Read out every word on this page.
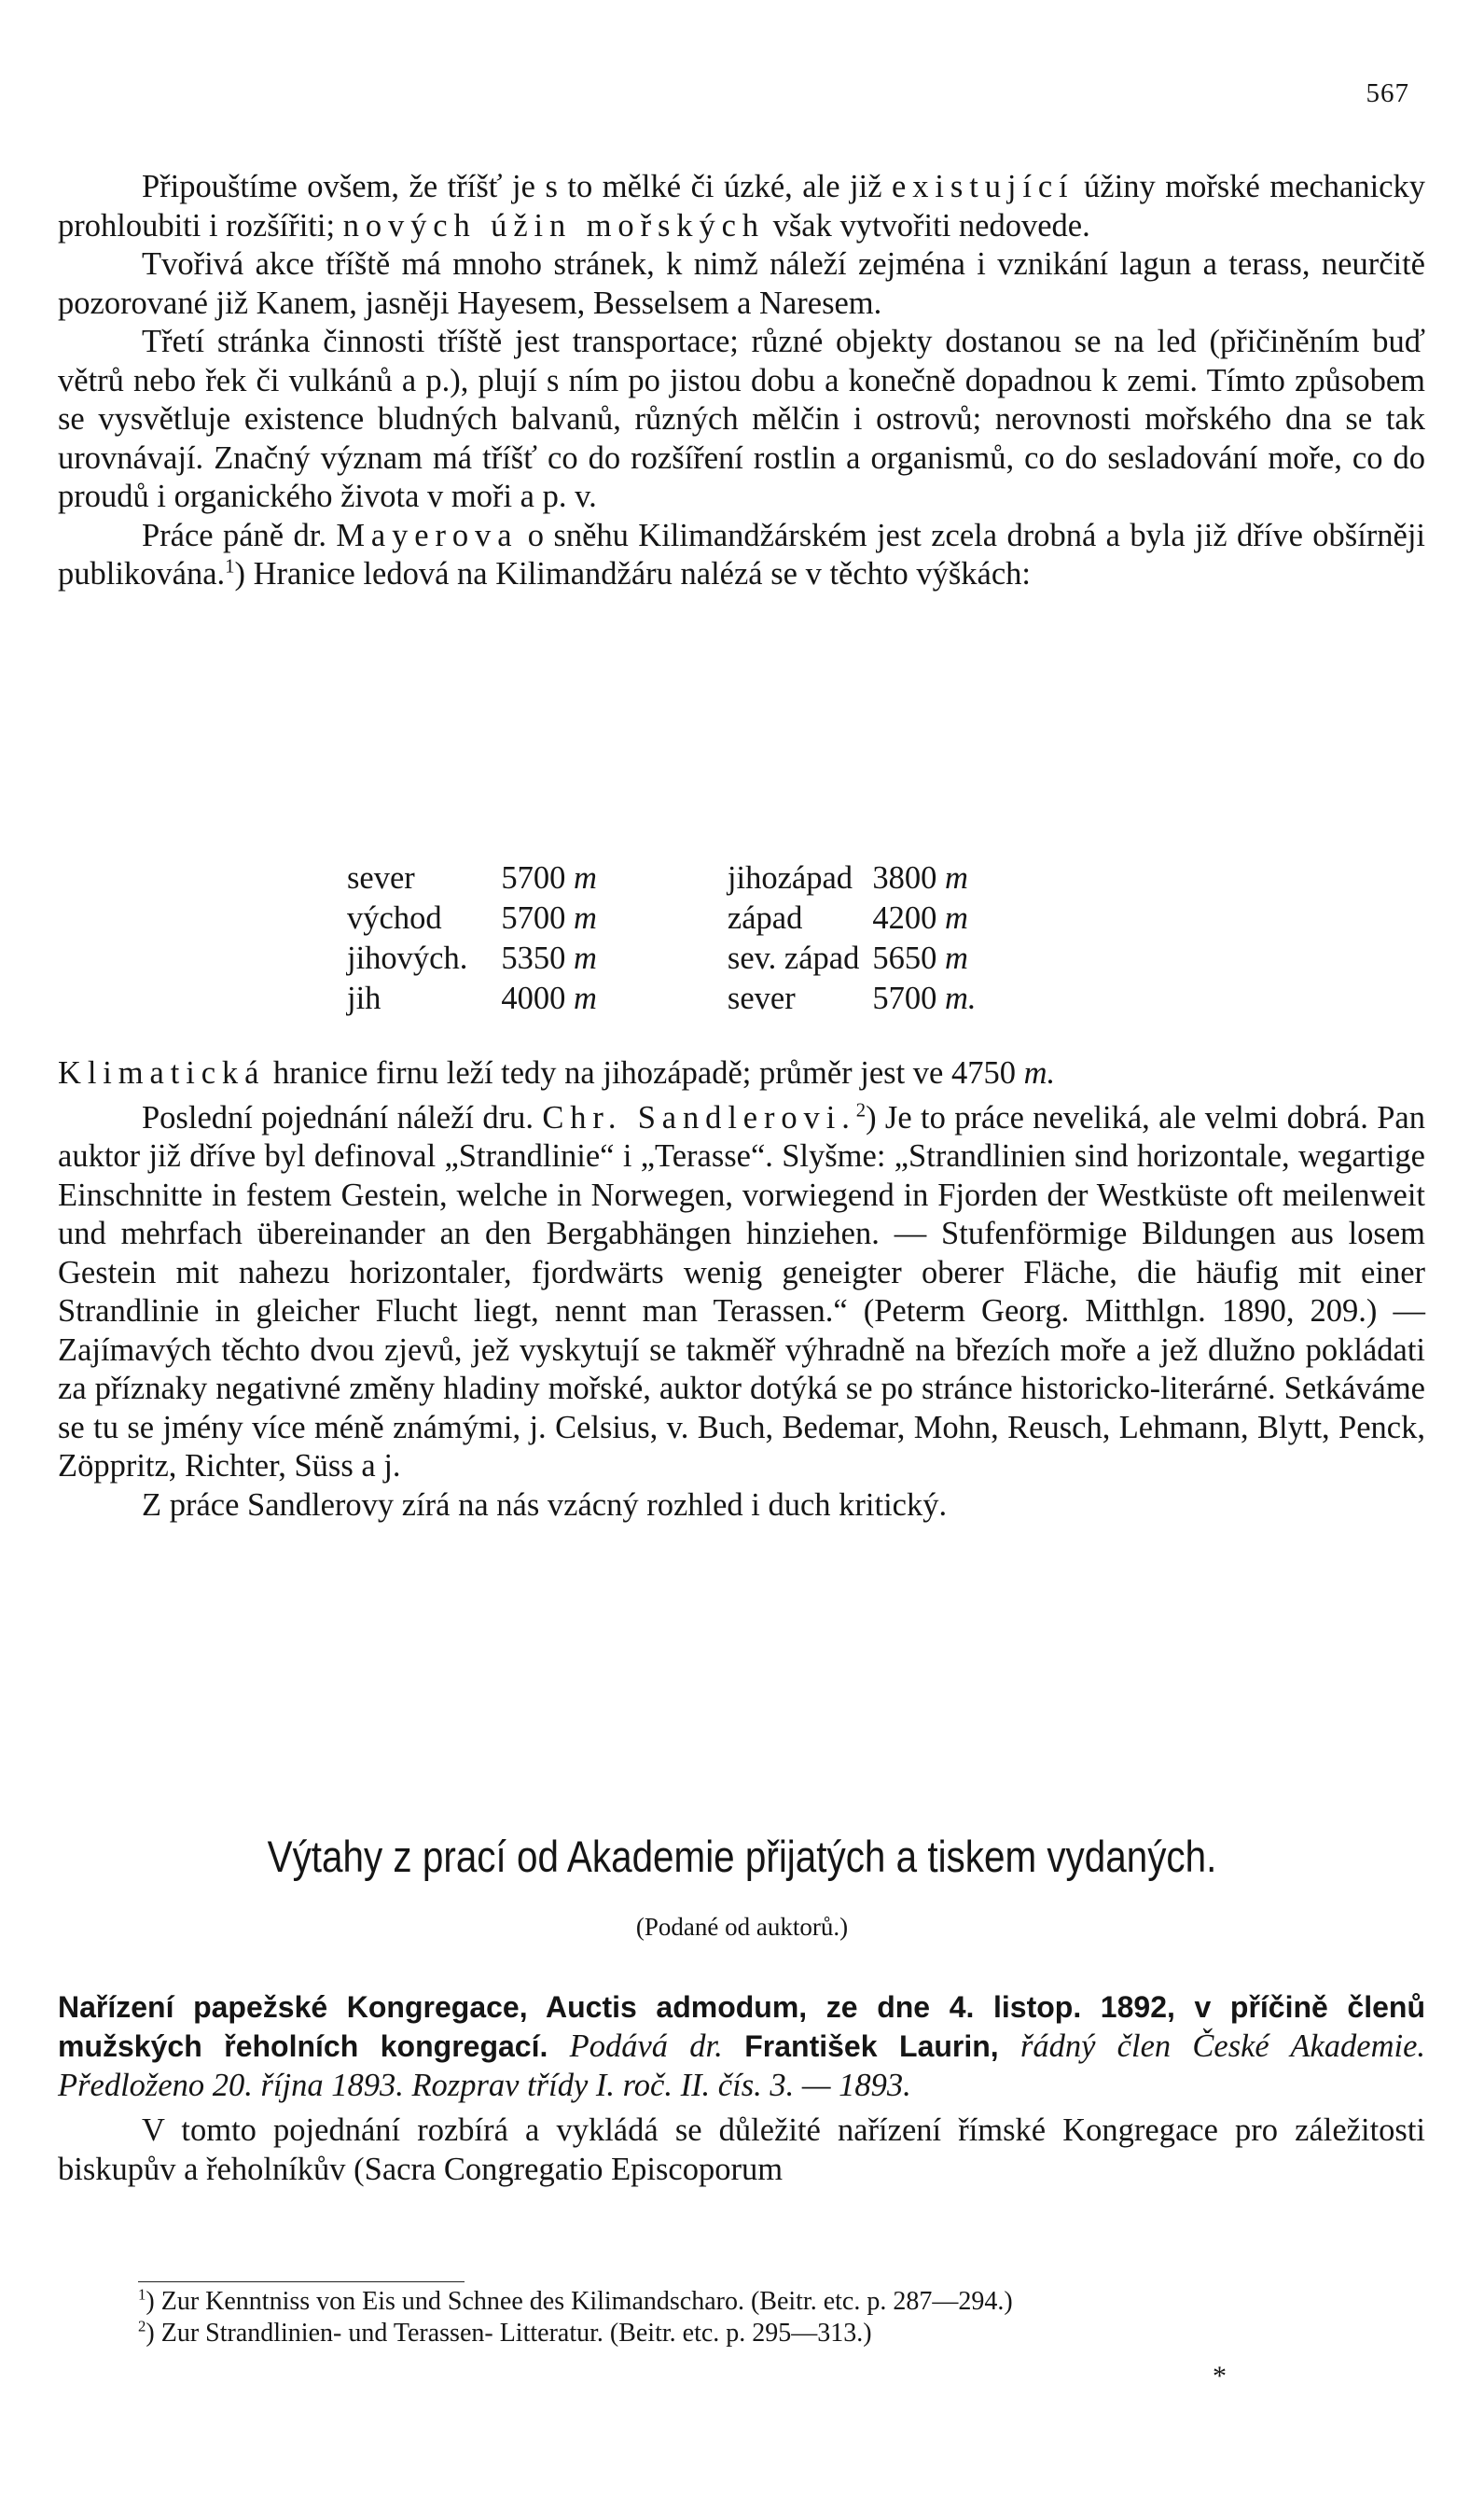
567

Připouštíme ovšem, že tříšť je s to mělké či úzké, ale již existující úžiny mořské mechanicky prohloubiti i rozšířiti; nových úžin mořských však vytvořiti nedovede.

Tvořivá akce tříště má mnoho stránek, k nimž náleží zejména i vznikání lagun a terass, neurčitě pozorované již Kanem, jasněji Hayesem, Besselsem a Naresem.

Třetí stránka činnosti tříště jest transportace; různé objekty dostanou se na led (přičiněním buď větrů nebo řek či vulkánů a p.), plují s ním po jistou dobu a konečně dopadnou k zemi. Tímto způsobem se vysvětluje existence bludných balvanů, různých mělčin i ostrovů; nerovnosti mořského dna se tak urovnávají. Značný význam má tříšť co do rozšíření rostlin a organismů, co do sesladování moře, co do proudů i organického života v moři a p. v.

Práce páně dr. Mayerova o sněhu Kilimandžárském jest zcela drobná a byla již dříve obšírněji publikována.$^1$) Hranice ledová na Kilimandžáru nalézá se v těchto výškách:

sever	5700 m	jihozápad	3800 m
východ	5700 m	západ	4200 m
jihových.	5350 m	sev. západ	5650 m
jih	4000 m	sever	5700 m.

Klimatická hranice firnu leží tedy na jihozápadě; průměr jest ve 4750 m.

Poslední pojednání náleží dru. Chr. Sandlerovi.$^2$) Je to práce neveliká, ale velmi dobrá. Pan auktor již dříve byl definoval „Strandlinie“ i „Terasse“. Slyšme: „Strandlinien sind horizontale, wegartige Einschnitte in festem Gestein, welche in Norwegen, vorwiegend in Fjorden der Westküste oft meilenweit und mehrfach übereinander an den Bergabhängen hinziehen. — Stufenförmige Bildungen aus losem Gestein mit nahezu horizontaler, fjordwärts wenig geneigter oberer Fläche, die häufig mit einer Strandlinie in gleicher Flucht liegt, nennt man Terassen.“ (Peterm Georg. Mitthlgn. 1890, 209.) — Zajímavých těchto dvou zjevů, jež vyskytují se takměř výhradně na březích moře a jež dlužno pokládati za příznaky negativné změny hladiny mořské, auktor dotýká se po stránce historicko-literárné. Setkáváme se tu se jmény více méně známými, j. Celsius, v. Buch, Bedemar, Mohn, Reusch, Lehmann, Blytt, Penck, Zöppritz, Richter, Süss a j.

Z práce Sandlerovy zírá na nás vzácný rozhled i duch kritický.

Výtahy z prací od Akademie přijatých a tiskem vydaných.
(Podané od auktorů.)

Nařízení papežské Kongregace, Auctis admodum, ze dne 4. listop. 1892, v příčině členů mužských řeholních kongregací. Podává dr. František Laurin, řádný člen České Akademie. Předloženo 20. října 1893. Rozprav třídy I. roč. II. čís. 3. — 1893.

V tomto pojednání rozbírá a vykládá se důležité nařízení římské Kongregace pro záležitosti biskupův a řeholníkův (Sacra Congregatio Episcoporum

$^1$) Zur Kenntniss von Eis und Schnee des Kilimandscharo. (Beitr. etc. p. 287—294.)
$^2$) Zur Strandlinien- und Terassen- Litteratur. (Beitr. etc. p. 295—313.)
*
